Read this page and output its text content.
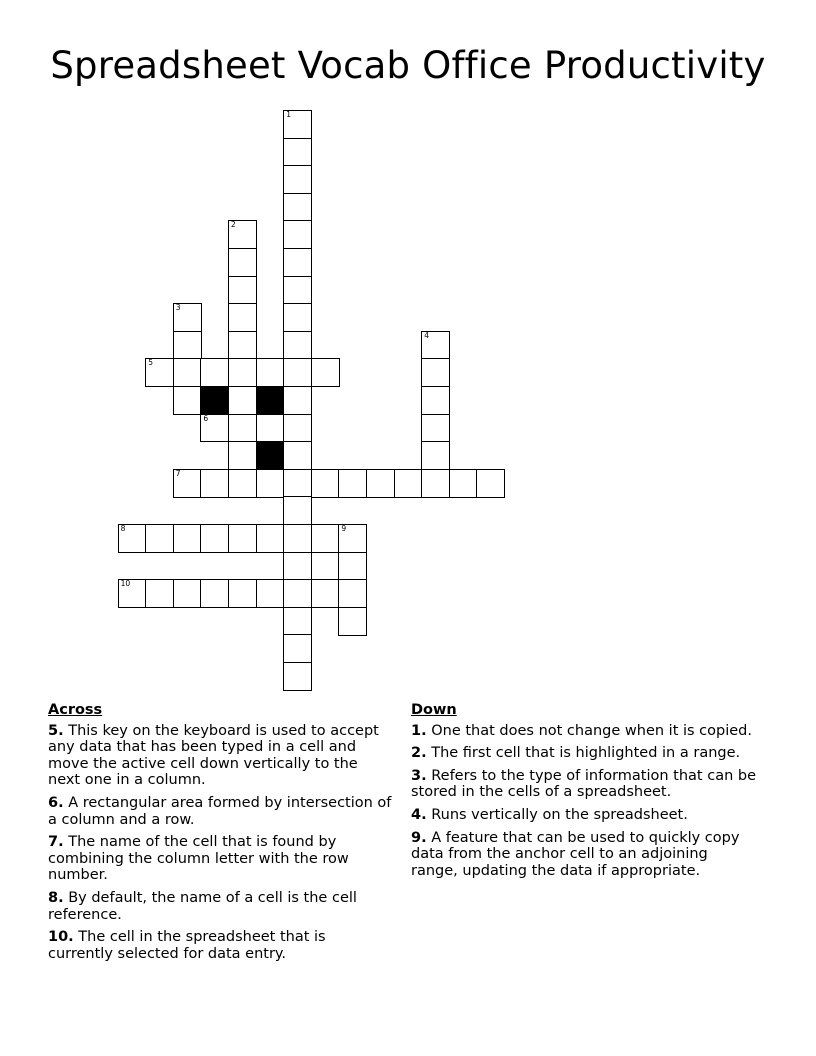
Spreadsheet Vocab Office Productivity
1
2
3
4
5
6
7
8	9
10
Across
5. This key on the keyboard is used to accept any data that has been typed in a cell and move the active cell down vertically to the next one in a column.
6. A rectangular area formed by intersection of a column and a row.
7. The name of the cell that is found by combining the column letter with the row number.
8. By default, the name of a cell is the cell reference.
10. The cell in the spreadsheet that is currently selected for data entry.
Down
1. One that does not change when it is copied.
2. The first cell that is highlighted in a range.
3. Refers to the type of information that can be stored in the cells of a spreadsheet.
4. Runs vertically on the spreadsheet.
9. A feature that can be used to quickly copy data from the anchor cell to an adjoining range, updating the data if appropriate.
